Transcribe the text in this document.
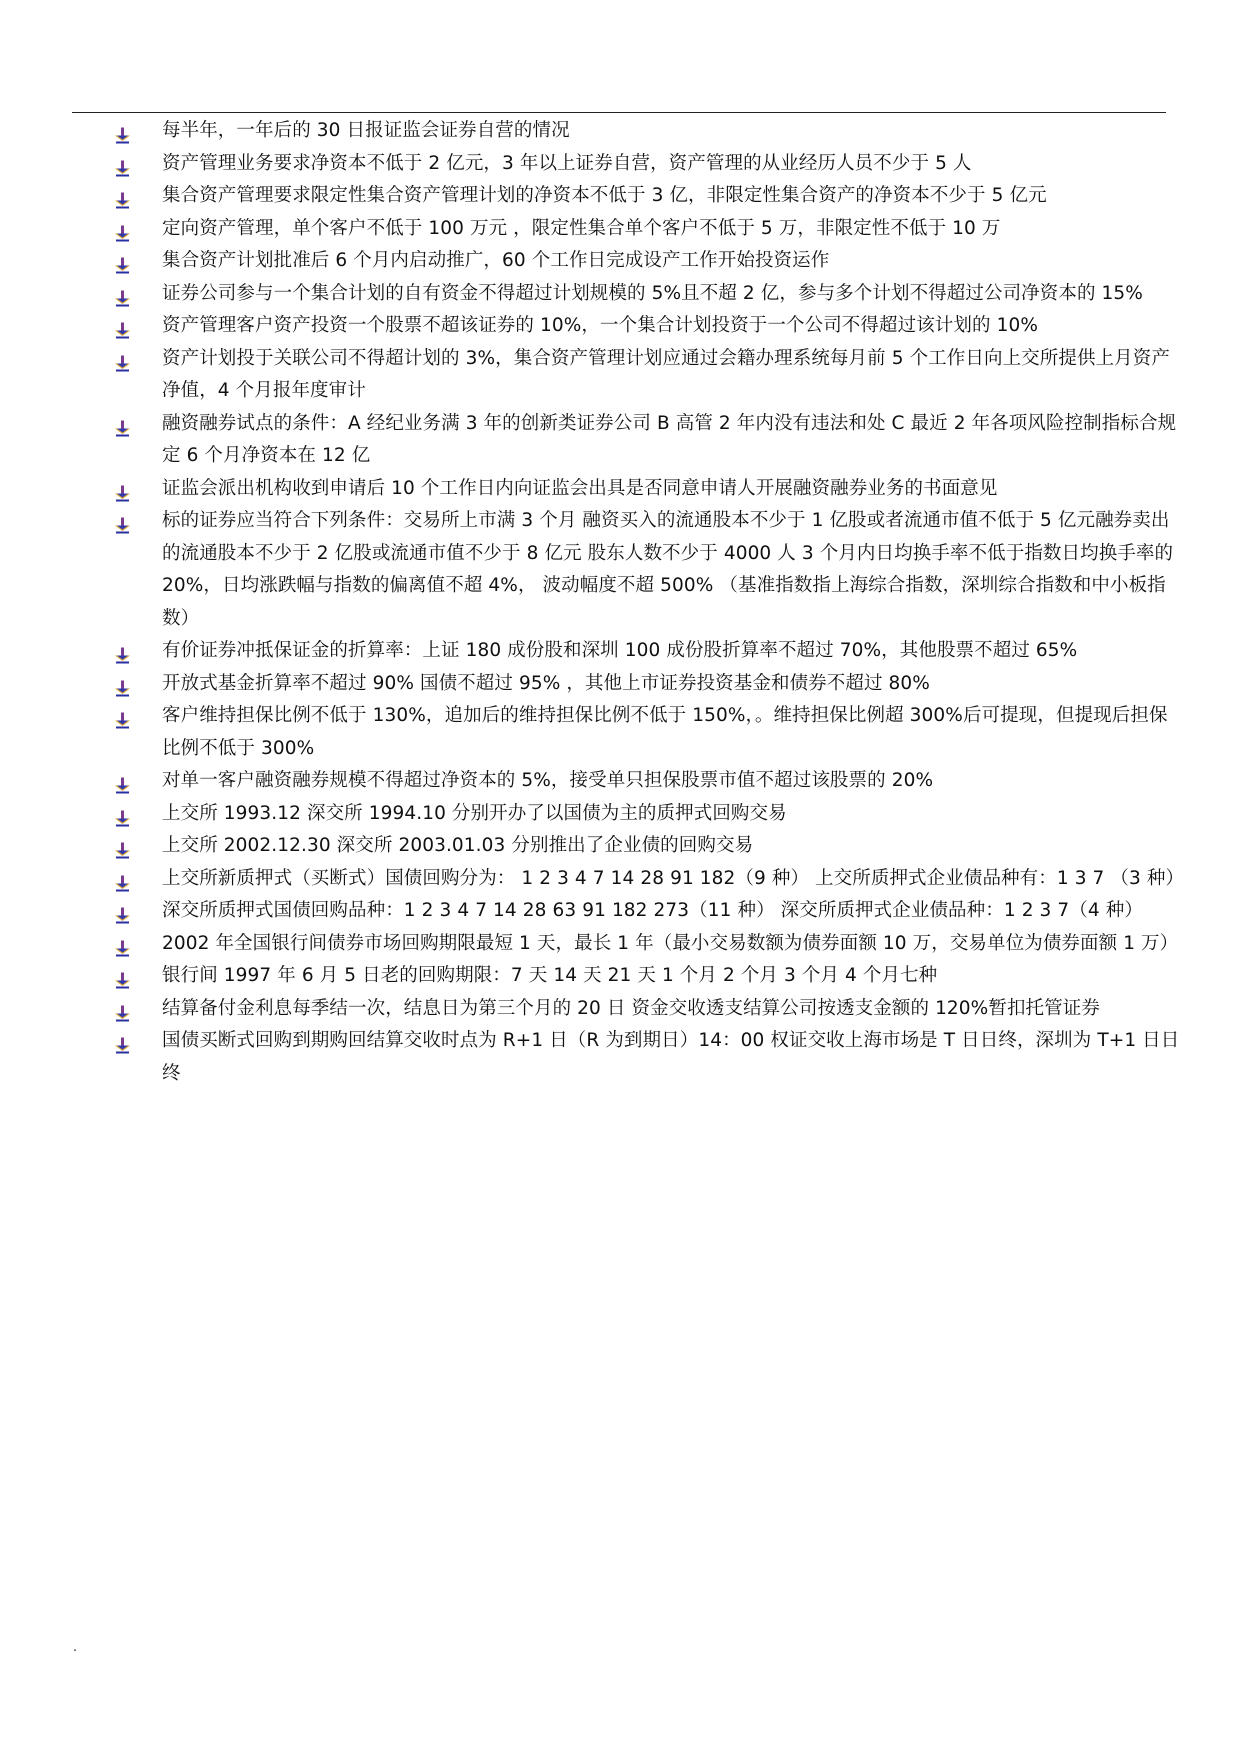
每半年，一年后的 30 日报证监会证券自营的情况
资产管理业务要求净资本不低于 2 亿元，3 年以上证券自营，资产管理的从业经历人员不少于 5 人
集合资产管理要求限定性集合资产管理计划的净资本不低于 3 亿，非限定性集合资产的净资本不少于 5 亿元
定向资产管理，单个客户不低于 100 万元 ，限定性集合单个客户不低于 5 万，非限定性不低于 10 万
集合资产计划批准后 6 个月内启动推广，60 个工作日完成设产工作开始投资运作
证券公司参与一个集合计划的自有资金不得超过计划规模的 5%且不超 2 亿，参与多个计划不得超过公司净资本的 15%
资产管理客户资产投资一个股票不超该证券的 10%，一个集合计划投资于一个公司不得超过该计划的 10%
资产计划投于关联公司不得超计划的 3%，集合资产管理计划应通过会籍办理系统每月前 5 个工作日向上交所提供上月资产净值，4 个月报年度审计
融资融券试点的条件：A 经纪业务满 3 年的创新类证券公司 B 高管 2 年内没有违法和处 C 最近 2 年各项风险控制指标合规定 6 个月净资本在 12 亿
证监会派出机构收到申请后 10 个工作日内向证监会出具是否同意申请人开展融资融券业务的书面意见
标的证券应当符合下列条件：交易所上市满 3 个月 融资买入的流通股本不少于 1 亿股或者流通市值不低于 5 亿元融券卖出的流通股本不少于 2 亿股或流通市值不少于 8 亿元 股东人数不少于 4000 人 3 个月内日均换手率不低于指数日均换手率的 20%，日均涨跌幅与指数的偏离值不超 4%， 波动幅度不超 500% （基准指数指上海综合指数，深圳综合指数和中小板指数）
有价证券冲抵保证金的折算率：上证 180 成份股和深圳 100 成份股折算率不超过 70%，其他股票不超过 65%
开放式基金折算率不超过 90% 国债不超过 95% ，其他上市证券投资基金和债券不超过 80%
客户维持担保比例不低于 130%，追加后的维持担保比例不低于 150%，。维持担保比例超 300%后可提现，但提现后担保比例不低于 300%
对单一客户融资融券规模不得超过净资本的 5%，接受单只担保股票市值不超过该股票的 20%
上交所 1993.12 深交所 1994.10 分别开办了以国债为主的质押式回购交易
上交所 2002.12.30 深交所 2003.01.03 分别推出了企业债的回购交易
上交所新质押式（买断式）国债回购分为： 1 2 3 4 7 14 28 91 182（9 种） 上交所质押式企业债品种有：1 3 7 （3 种）
深交所质押式国债回购品种：1 2 3 4 7 14 28 63 91 182 273（11 种） 深交所质押式企业债品种：1 2 3 7（4 种）
2002 年全国银行间债券市场回购期限最短 1 天，最长 1 年（最小交易数额为债券面额 10 万，交易单位为债券面额 1 万）
银行间 1997 年 6 月 5 日老的回购期限：7 天 14 天 21 天 1 个月 2 个月 3 个月 4 个月七种
结算备付金利息每季结一次，结息日为第三个月的 20 日 资金交收透支结算公司按透支金额的 120%暂扣托管证券
国债买断式回购到期购回结算交收时点为 R+1 日（R 为到期日）14：00 权证交收上海市场是 T 日日终，深圳为 T+1 日日终
.
